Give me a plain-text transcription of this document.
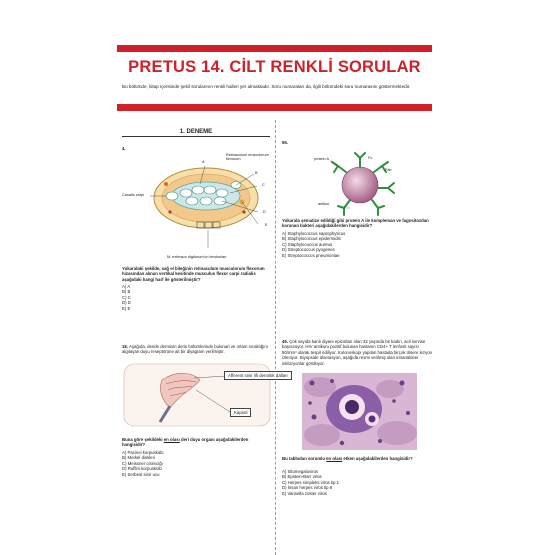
PRETUS 14. CİLT RENKLİ SORULAR
Bu bölümde, kitap içerisinde şekil sorularının renkli halleri yer almaktadır. Soru numaraları da, ilgili bölümdeki soru numarasını göstermektedir.
1. DENEME
4.
Retinaculum musculorum flexorum
A
B
C
D
E
Canalis carpi
M. extensor digitorum'un tendonları
Yukarıdaki şekilde, sağ el bileğinin retinaculum musculorum flexorum hizasından alınan vertikal kesitinde musculus flexor carpi radialis aşağıdaki hangi harf ile gösterilmiştir?
A) A
B) B
C) C
D) D
E) E
18. Aşağıda, deride dermisin derin bölümlerinde bulunan ve ortam sıcaklığını algılayan duyu reseptörüne ait bir diyagram verilmiştir.
Afferent sinir lifi dentritik dalları
Kapsül
Buna göre şekildeki en olası deri duyu organı aşağıdakilerden hangisidir?
A) Pacinei korpuskülü
B) Merkel diskleri
C) Meissner cisimciği
D) Ruffini korpuskülü
E) Serbest sinir ucu
55.
protein A	Fc
Fab
antikor
Yukarıda şematize edildiği gibi protein A ile kompleman ve fagositozdan korunan bakteri aşağıdakilerden hangisidir?
A) Staphylococcus saprophyticus
B) Staphylococcus epidermidis
C) Staphylococcus aureus
D) Streptococcus pyogenes
E) Streptococcus pneumoniae
49. Çok sayıda kanlı diyare epizotları olan 32 yaşında bir kadın, acil servise başvuruyor. HIV antikoru pozitif bulunan hastanın CD4+ T lenfosit sayısı 50/mm³ olarak tespit ediliyor. Kolonoskopi yapılan hastada birçok ülsere lezyon izleniyor. Biyopside ülserasyon, aşağıda resmi verilmiş olan intranükleer inklüzyonlar görülüyor.
Bu tablodan sorumlu en olası etken aşağıdakilerden hangisidir?
A) Sitomegalovirüs
B) Epstein-Barr virüs
C) Herpes simpleks virüs tip 1
D) İnsan herpes virüs tip 8
E) Varisella zoster virüs
